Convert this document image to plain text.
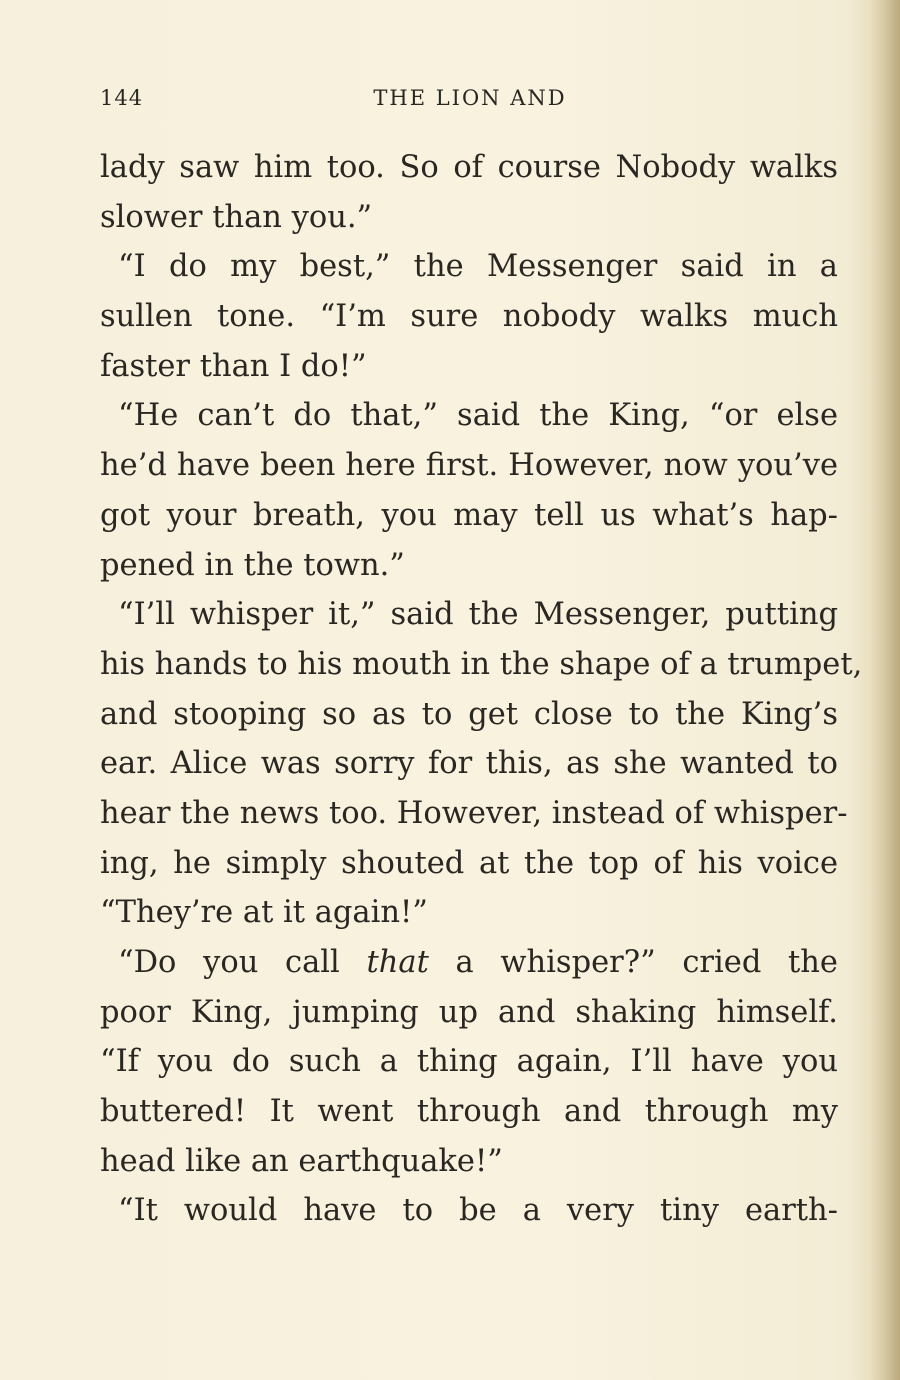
144	THE LION AND
lady saw him too. So of course Nobody walks
slower than you.”
“I do my best,” the Messenger said in a
sullen tone. “I’m sure nobody walks much
faster than I do!”
“He can’t do that,” said the King, “or else
he’d have been here first. However, now you’ve
got your breath, you may tell us what’s hap-
pened in the town.”
“I’ll whisper it,” said the Messenger, putting
his hands to his mouth in the shape of a trumpet,
and stooping so as to get close to the King’s
ear. Alice was sorry for this, as she wanted to
hear the news too. However, instead of whisper-
ing, he simply shouted at the top of his voice
“They’re at it again!”
“Do you call that a whisper?” cried the
poor King, jumping up and shaking himself.
“If you do such a thing again, I’ll have you
buttered! It went through and through my
head like an earthquake!”
“It would have to be a very tiny earth-
